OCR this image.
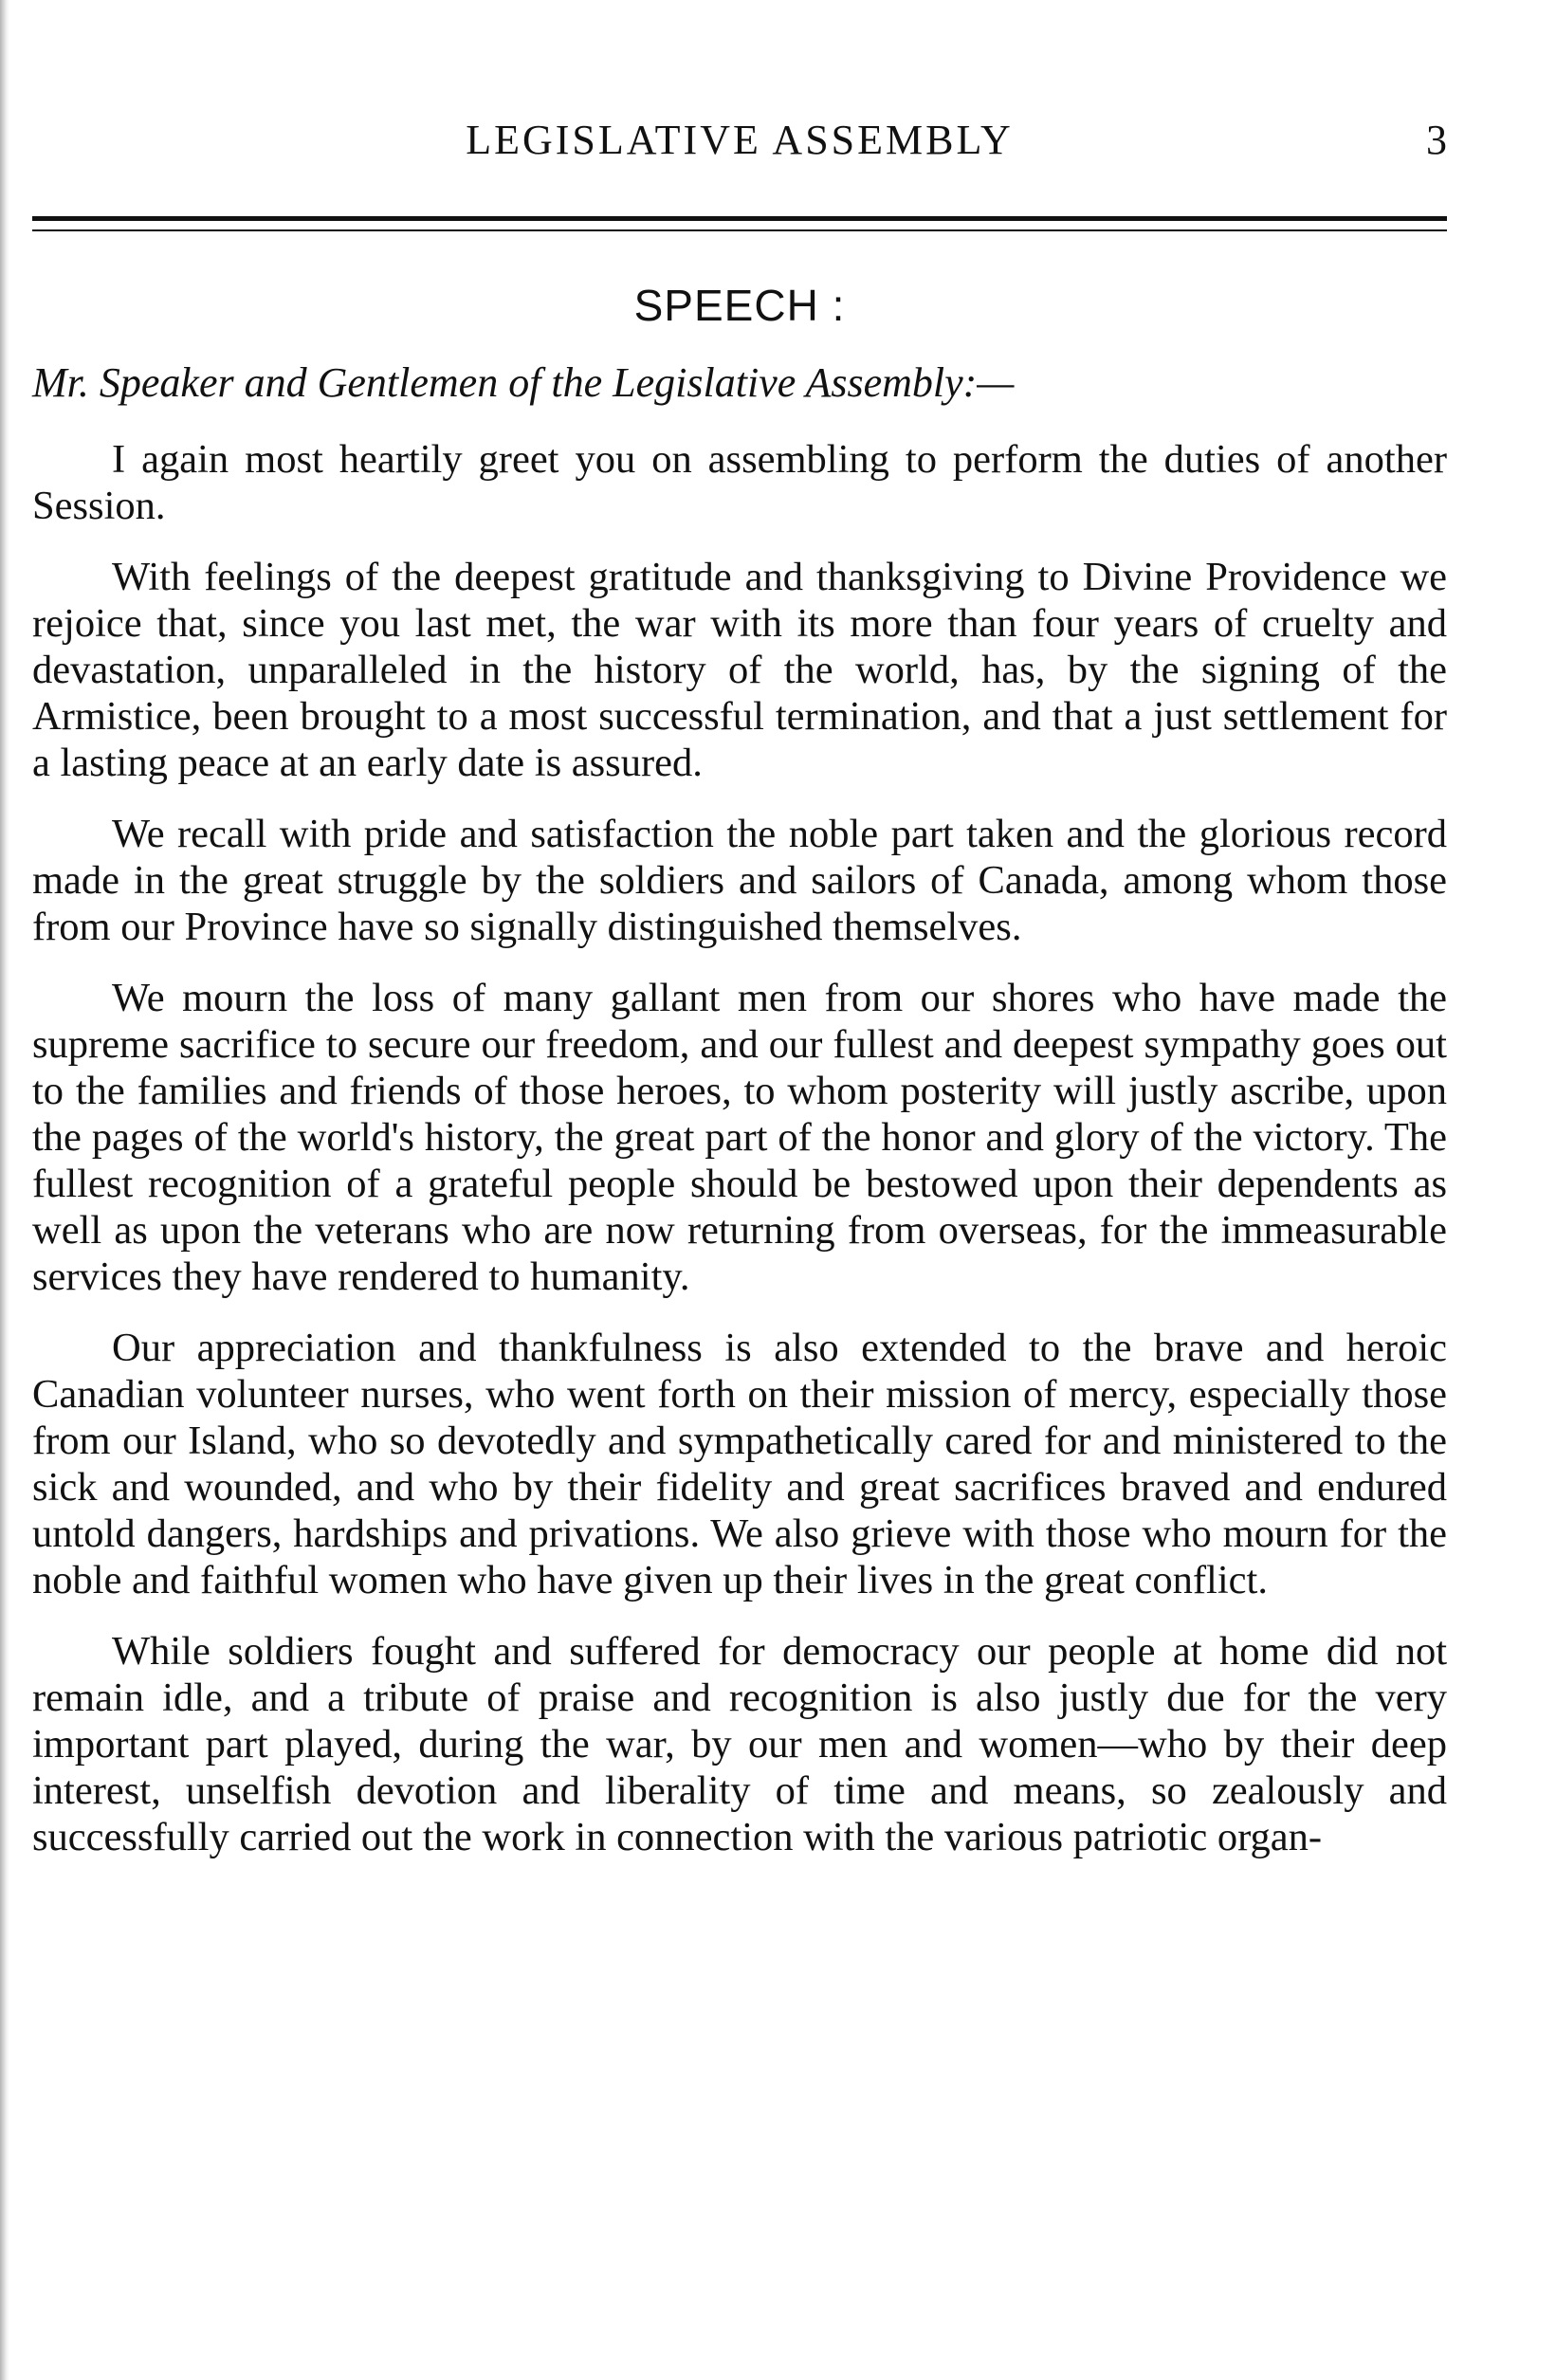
LEGISLATIVE ASSEMBLY	3
SPEECH :
Mr. Speaker and Gentlemen of the Legislative Assembly:—

I again most heartily greet you on assembling to perform the duties of another Session.

With feelings of the deepest gratitude and thanksgiving to Divine Providence we rejoice that, since you last met, the war with its more than four years of cruelty and devastation, unparalleled in the history of the world, has, by the signing of the Armistice, been brought to a most successful termination, and that a just settlement for a lasting peace at an early date is assured.

We recall with pride and satisfaction the noble part taken and the glorious record made in the great struggle by the soldiers and sailors of Canada, among whom those from our Province have so signally distinguished themselves.

We mourn the loss of many gallant men from our shores who have made the supreme sacrifice to secure our freedom, and our fullest and deepest sympathy goes out to the families and friends of those heroes, to whom posterity will justly ascribe, upon the pages of the world's history, the great part of the honor and glory of the victory. The fullest recognition of a grateful people should be bestowed upon their dependents as well as upon the veterans who are now returning from overseas, for the immeasurable services they have rendered to humanity.

Our appreciation and thankfulness is also extended to the brave and heroic Canadian volunteer nurses, who went forth on their mission of mercy, especially those from our Island, who so devotedly and sympathetically cared for and ministered to the sick and wounded, and who by their fidelity and great sacrifices braved and endured untold dangers, hardships and privations. We also grieve with those who mourn for the noble and faithful women who have given up their lives in the great conflict.

While soldiers fought and suffered for democracy our people at home did not remain idle, and a tribute of praise and recognition is also justly due for the very important part played, during the war, by our men and women—who by their deep interest, unselfish devotion and liberality of time and means, so zealously and successfully carried out the work in connection with the various patriotic organ-
